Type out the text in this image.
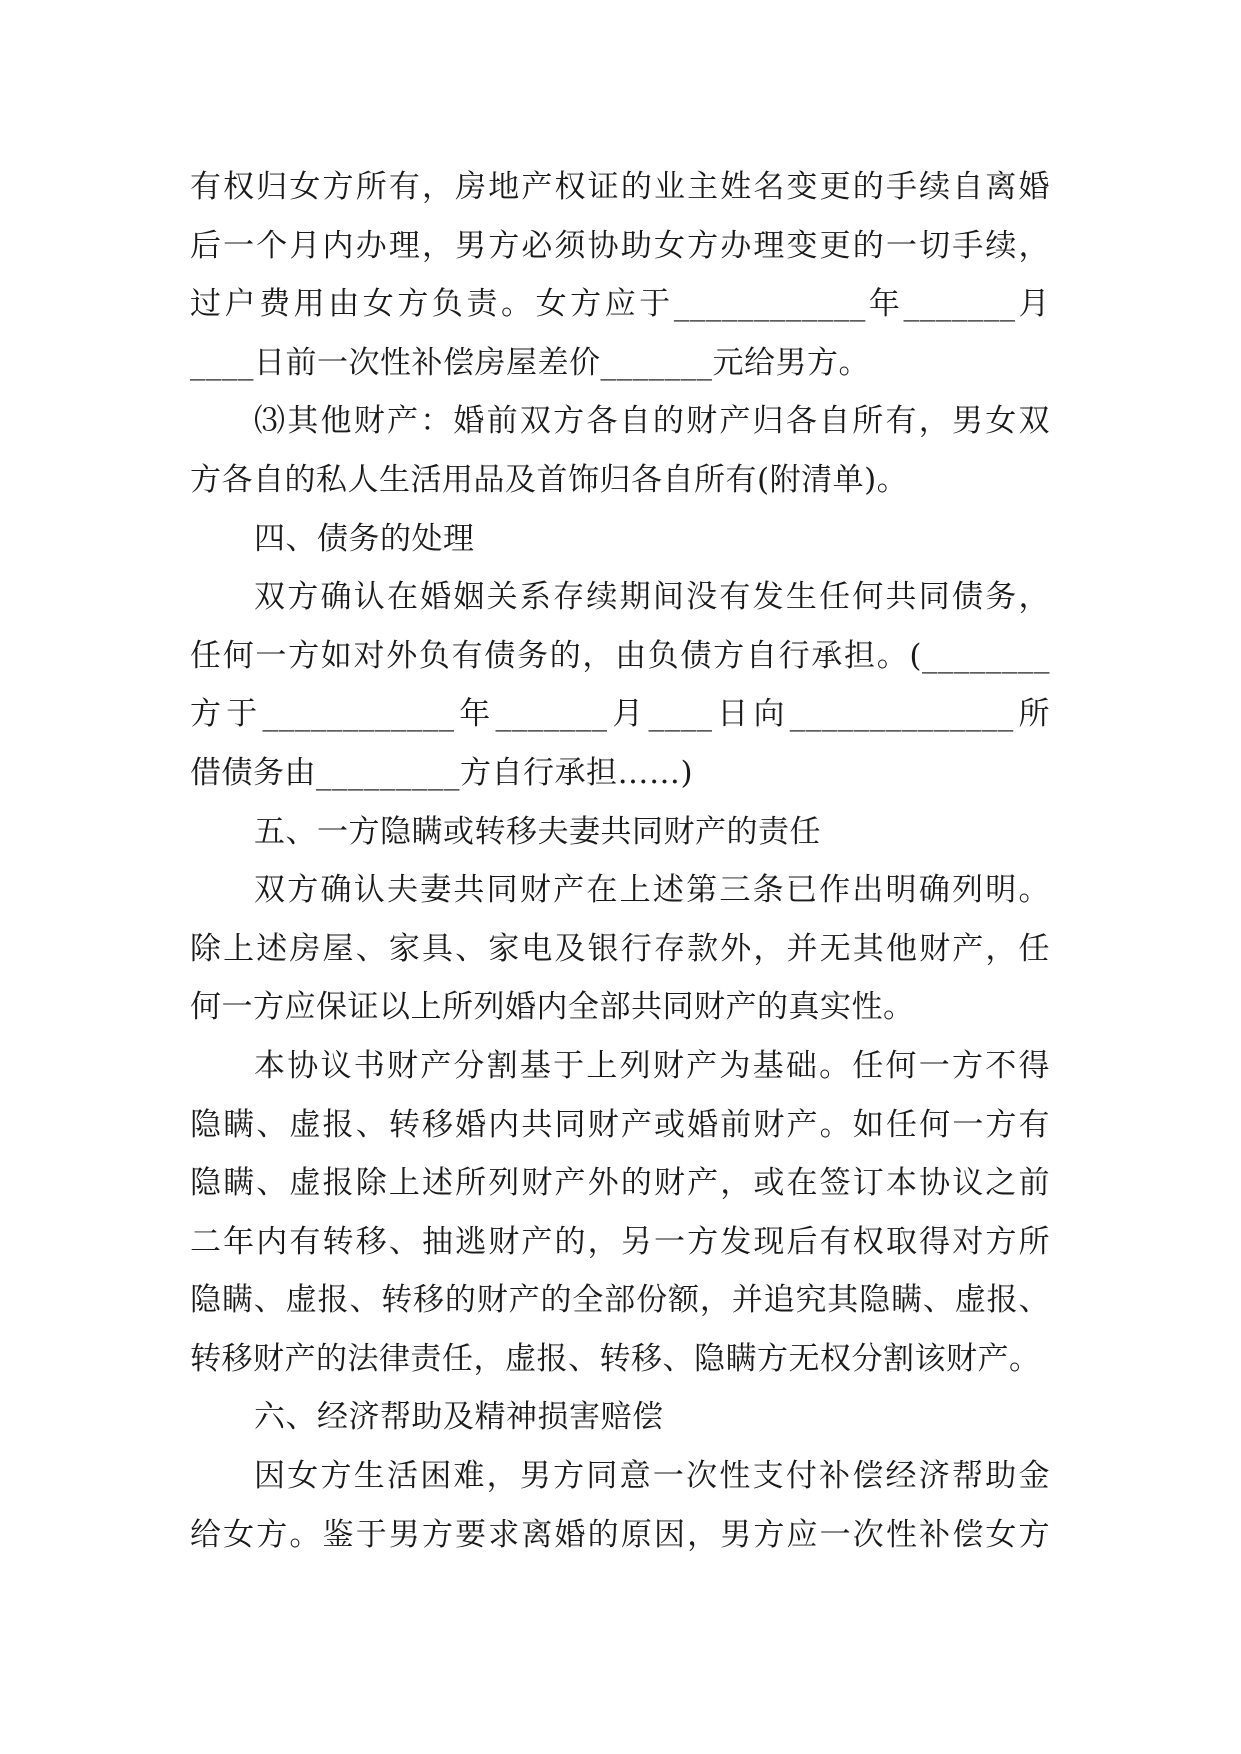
有权归女方所有，房地产权证的业主姓名变更的手续自离婚
后一个月内办理，男方必须协助女方办理变更的一切手续，
过户费用由女方负责。女方应于____________年_______月
____日前一次性补偿房屋差价_______元给男方。
⑶其他财产：婚前双方各自的财产归各自所有，男女双
方各自的私人生活用品及首饰归各自所有(附清单)。
四、债务的处理
双方确认在婚姻关系存续期间没有发生任何共同债务，
任何一方如对外负有债务的，由负债方自行承担。(________
方于____________年_______月____日向______________所
借债务由_________方自行承担……)
五、一方隐瞒或转移夫妻共同财产的责任
双方确认夫妻共同财产在上述第三条已作出明确列明。
除上述房屋、家具、家电及银行存款外，并无其他财产，任
何一方应保证以上所列婚内全部共同财产的真实性。
本协议书财产分割基于上列财产为基础。任何一方不得
隐瞒、虚报、转移婚内共同财产或婚前财产。如任何一方有
隐瞒、虚报除上述所列财产外的财产，或在签订本协议之前
二年内有转移、抽逃财产的，另一方发现后有权取得对方所
隐瞒、虚报、转移的财产的全部份额，并追究其隐瞒、虚报、
转移财产的法律责任，虚报、转移、隐瞒方无权分割该财产。
六、经济帮助及精神损害赔偿
因女方生活困难，男方同意一次性支付补偿经济帮助金
给女方。鉴于男方要求离婚的原因，男方应一次性补偿女方
